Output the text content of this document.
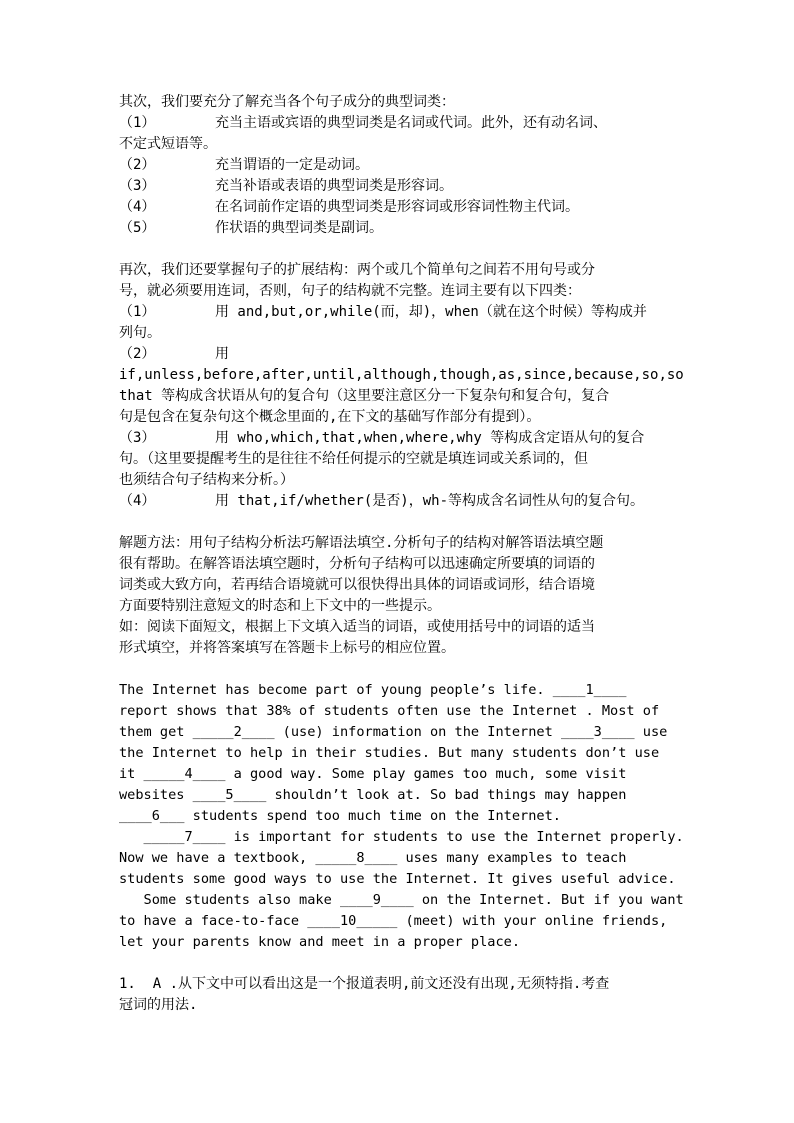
其次，我们要充分了解充当各个句子成分的典型词类：
（1）	充当主语或宾语的典型词类是名词或代词。此外，还有动名词、
不定式短语等。
（2）	充当谓语的一定是动词。
（3）	充当补语或表语的典型词类是形容词。
（4）	在名词前作定语的典型词类是形容词或形容词性物主代词。
（5）	作状语的典型词类是副词。
再次，我们还要掌握句子的扩展结构：两个或几个简单句之间若不用句号或分
号，就必须要用连词，否则，句子的结构就不完整。连词主要有以下四类：
（1）	用 and,but,or,while(而，却)，when（就在这个时候）等构成并
列句。
（2）	用
if,unless,before,after,until,although,though,as,since,because,so,so
that 等构成含状语从句的复合句（这里要注意区分一下复杂句和复合句，复合
句是包含在复杂句这个概念里面的,在下文的基础写作部分有提到）。
（3）	用 who,which,that,when,where,why 等构成含定语从句的复合
句。（这里要提醒考生的是往往不给任何提示的空就是填连词或关系词的，但
也须结合句子结构来分析。）
（4）	用 that,if/whether(是否)，wh-等构成含名词性从句的复合句。
解题方法：用句子结构分析法巧解语法填空.分析句子的结构对解答语法填空题
很有帮助。在解答语法填空题时，分析句子结构可以迅速确定所要填的词语的
词类或大致方向，若再结合语境就可以很快得出具体的词语或词形，结合语境
方面要特别注意短文的时态和上下文中的一些提示。
如：阅读下面短文，根据上下文填入适当的词语，或使用括号中的词语的适当
形式填空，并将答案填写在答题卡上标号的相应位置。
The Internet has become part of young people’s life. ____1____
report shows that 38% of students often use the Internet . Most of
them get _____2____ (use) information on the Internet ____3____ use
the Internet to help in their studies. But many students don’t use
it _____4____ a good way. Some play games too much, some visit
websites ____5____ shouldn’t look at. So bad things may happen
____6___ students spend too much time on the Internet.
_____7____ is important for students to use the Internet properly.
Now we have a textbook, _____8____ uses many examples to teach
students some good ways to use the Internet. It gives useful advice.
Some students also make ____9____ on the Internet. But if you want
to have a face-to-face ____10_____ (meet) with your online friends,
let your parents know and meet in a proper place.
1.  A .从下文中可以看出这是一个报道表明,前文还没有出现,无须特指.考查
冠词的用法.
